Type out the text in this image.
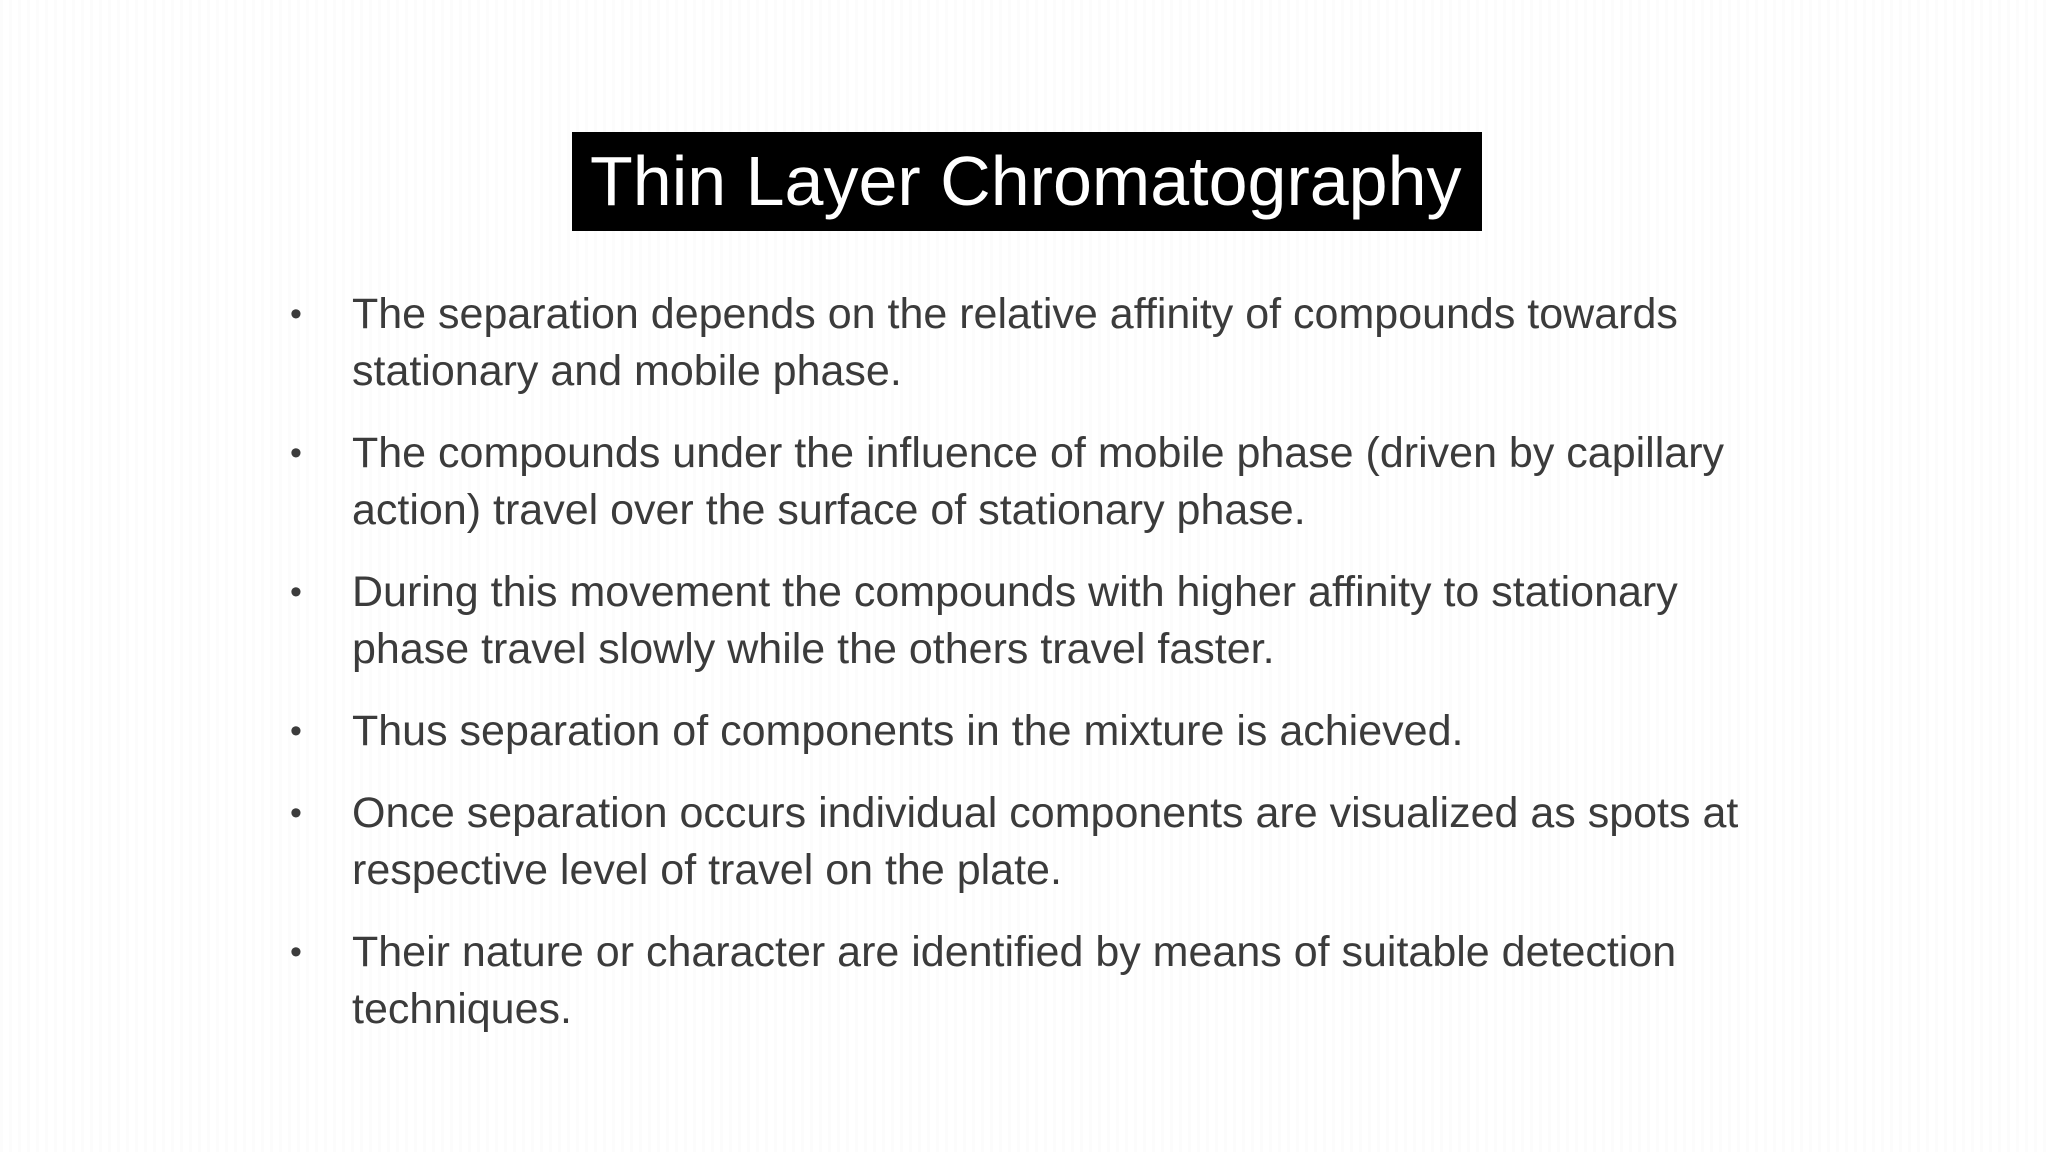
Thin Layer Chromatography
•	The separation depends on the relative affinity of compounds towards stationary and mobile phase.
•	The compounds under the influence of mobile phase (driven by capillary action) travel over the surface of stationary phase.
•	During this movement the compounds with higher affinity to stationary phase travel slowly while the others travel faster.
•	Thus separation of components in the mixture is achieved.
•	Once separation occurs individual components are visualized as spots at respective level of travel on the plate.
•	Their nature or character are identified by means of suitable detection techniques.
